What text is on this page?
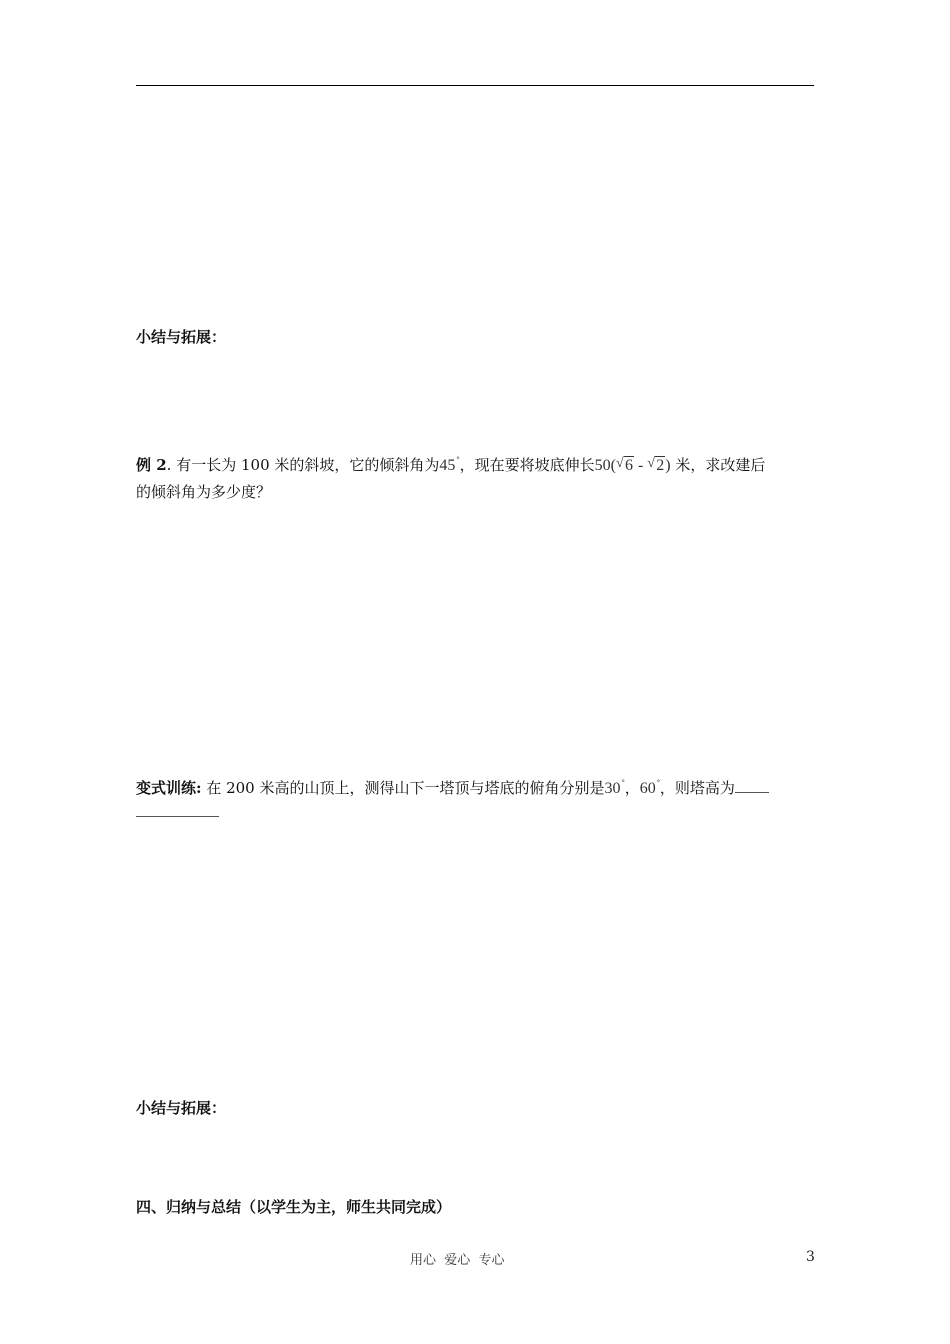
小结与拓展：
例 2. 有一长为 100 米的斜坡，它的倾斜角为45°，现在要将坡底伸长50( √ 6 - √ 2) 米，求改建后
的倾斜角为多少度？
变式训练: 在 200 米高的山顶上，测得山下一塔顶与塔底的俯角分别是30°，60°，则塔高为
小结与拓展：
四、归纳与总结（以学生为主，师生共同完成）
用心  爱心  专心	3
